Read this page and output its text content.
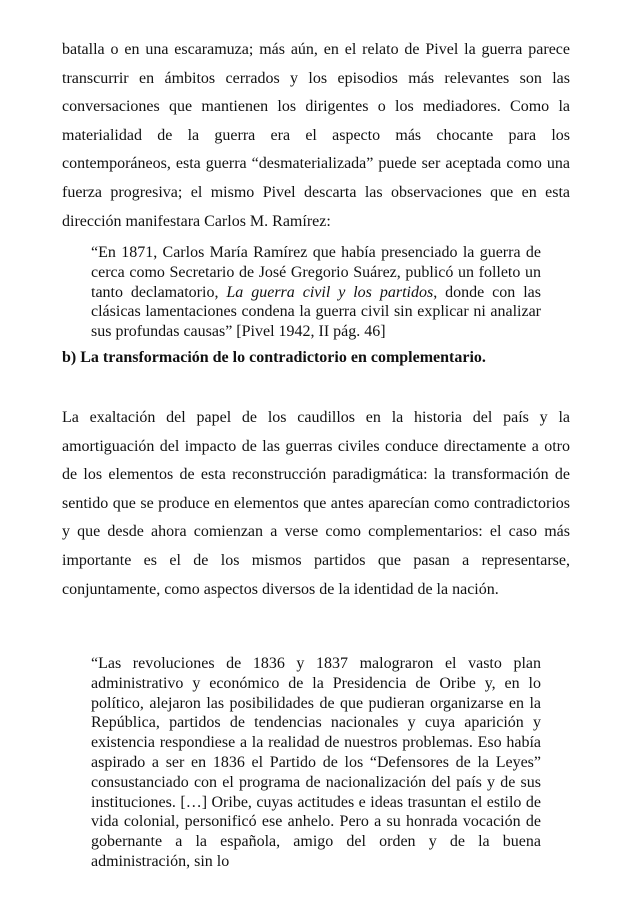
batalla o en una escaramuza; más aún, en el relato de Pivel la guerra parece transcurrir en ámbitos cerrados y los episodios más relevantes son las conversaciones que mantienen los dirigentes o los mediadores. Como la materialidad de la guerra era el aspecto más chocante para los contemporáneos, esta guerra “desmaterializada” puede ser aceptada como una fuerza progresiva; el mismo Pivel descarta las observaciones que en esta dirección manifestara Carlos M. Ramírez:

“En 1871, Carlos María Ramírez que había presenciado la guerra de cerca como Secretario de José Gregorio Suárez, publicó un folleto un tanto declamatorio, La guerra civil y los partidos, donde con las clásicas lamentaciones condena la guerra civil sin explicar ni analizar sus profundas causas” [Pivel 1942, II pág. 46]

b) La transformación de lo contradictorio en complementario.

La exaltación del papel de los caudillos en la historia del país y la amortiguación del impacto de las guerras civiles conduce directamente a otro de los elementos de esta reconstrucción paradigmática: la transformación de sentido que se produce en elementos que antes aparecían como contradictorios y que desde ahora comienzan a verse como complementarios: el caso más importante es el de los mismos partidos que pasan a representarse, conjuntamente, como aspectos diversos de la identidad de la nación.

“Las revoluciones de 1836 y 1837 malograron el vasto plan administrativo y económico de la Presidencia de Oribe y, en lo político, alejaron las posibilidades de que pudieran organizarse en la República, partidos de tendencias nacionales y cuya aparición y existencia respondiese a la realidad de nuestros problemas. Eso había aspirado a ser en 1836 el Partido de los “Defensores de la Leyes” consustanciado con el programa de nacionalización del país y de sus instituciones. […] Oribe, cuyas actitudes e ideas trasuntan el estilo de vida colonial, personificó ese anhelo. Pero a su honrada vocación de gobernante a la española, amigo del orden y de la buena administración, sin lo
